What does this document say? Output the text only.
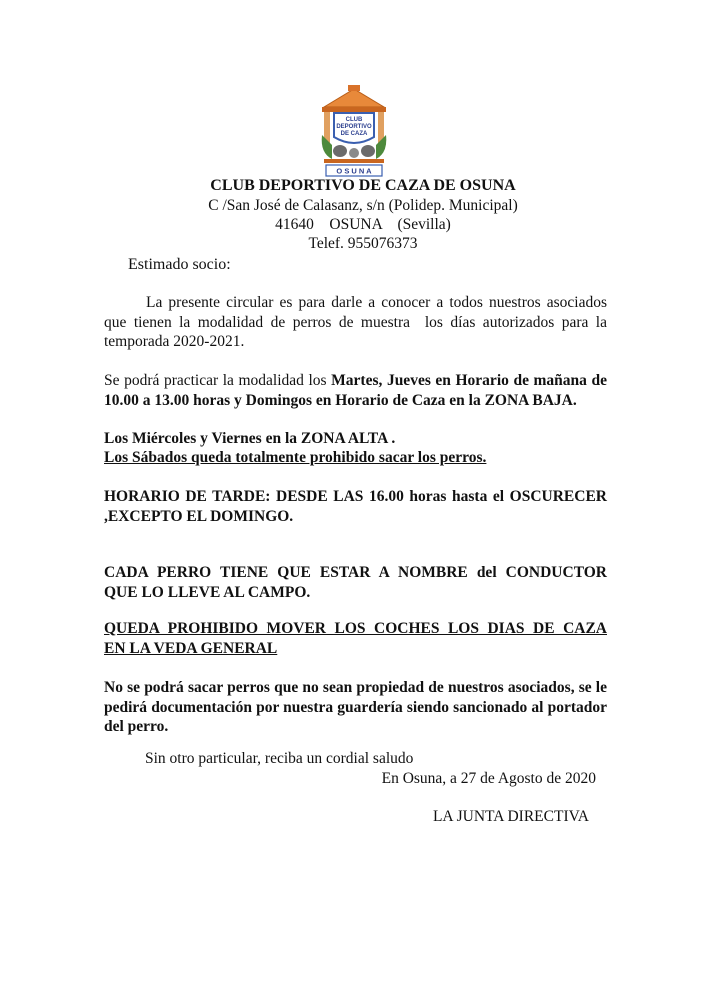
CLUB
DEPORTIVO
DE CAZA
O S U N A
CLUB DEPORTIVO DE CAZA DE OSUNA
C /San José de Calasanz, s/n (Polidep. Municipal)
41640    OSUNA    (Sevilla)
Telef. 955076373
Estimado socio:
La presente circular es para darle a conocer a todos nuestros asociados que tienen la modalidad de perros de muestra  los días autorizados para la temporada 2020-2021.
Se podrá practicar la modalidad los Martes, Jueves en Horario de mañana de 10.00 a 13.00 horas y Domingos en Horario de Caza en la ZONA BAJA.
Los Miércoles y Viernes en la ZONA ALTA .
Los Sábados queda totalmente prohibido sacar los perros.
HORARIO DE TARDE: DESDE LAS 16.00 horas hasta el OSCURECER ,EXCEPTO EL DOMINGO.
CADA PERRO TIENE QUE ESTAR A NOMBRE del CONDUCTOR
QUE LO LLEVE AL CAMPO.
QUEDA PROHIBIDO MOVER LOS COCHES LOS DIAS DE CAZA
EN LA VEDA GENERAL
No se podrá sacar perros que no sean propiedad de nuestros asociados, se le pedirá documentación por nuestra guardería siendo sancionado al portador del perro.
Sin otro particular, reciba un cordial saludo
En Osuna, a 27 de Agosto de 2020
LA JUNTA DIRECTIVA
